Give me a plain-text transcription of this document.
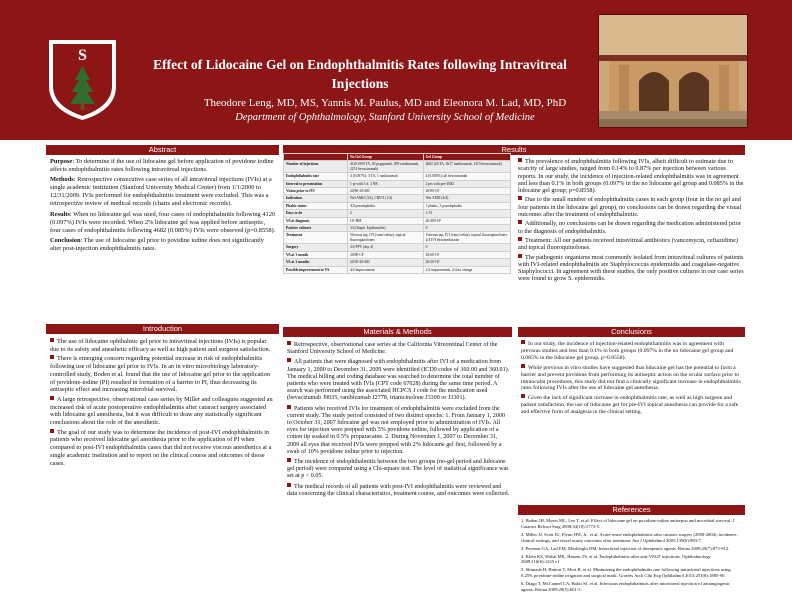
S
Effect of Lidocaine Gel on Endophthalmitis Rates following Intravitreal Injections
Theodore Leng, MD, MS, Yannis M. Paulus, MD and Eleonora M. Lad, MD, PhD
Department of Ophthalmology, Stanford University School of Medicine
Abstract

Purpose: To determine if the use of lidocaine gel before application of povidone iodine affects endophthalmitis rates following intravitreal injections.

Methods: Retrospective consecutive case series of all intravitreal injections (IVIs) at a single academic institution (Stanford University Medical Center) from 1/1/2000 to 12/31/2009. IVIs performed for endophthalmitis treatment were excluded. This was a retrospective review of medical records (charts and electronic records).

Results: When no lidocaine gel was used, four cases of endophthalmitis following 4120 (0.097%) IVIs were recorded. When 2% lidocaine gel was applied before antiseptic, four cases of endophthalmitis following 4682 (0.085%) IVIs were observed (p=0.8558).

Conclusion: The use of lidocaine gel prior to povidine iodine does not significantly alter post-injection endophthalmitis rates.

Introduction

The use of lidocaine ophthalmic gel prior to intravitreal injections (IVIs) is popular due to its safety and anesthetic efficacy as well as high patient and surgeon satisfaction.

There is emerging concern regarding potential increase in risk of endophthalmitis following use of lidocaine gel prior to IVIs. In an in vitro microbiology laboratory-controlled study, Boden et al. found that the use of lidocaine gel prior to the application of povidone-iodine (PI) resulted in formation of a barrier to PI, thus decreasing its antiseptic effect and increasing microbial survival.

A large retrospective, observational case series by Miller and colleagues suggested an increased risk of acute postoperative endophthalmitis after cataract surgery associated with lidocaine gel anesthesia, but it was difficult to draw any statistically significant conclusions about the role of the anesthetic.

The goal of our study was to determine the incidence of post-IVI endophthalmitis in patients who received lidocaine gel anesthesia prior to the application of PI when compared to post-IVI endophthalmitis cases that did not receive viscous anesthetics at a single academic institution and to report on the clinical course and outcomes of those cases.

Results
	No Gel Group	Gel Group
Number of injections	4120 (809 TA, 20 pegaptanib, 859 ranibizumab, 2251 bevacizumab)	4682 (26 TA, 3617 ranibizumab, 1415 bevacizumab)
Endophthalmitis rate	4 (0.097%): 3 TA, 1 ranibizumab	4 (0.085%): all bevacizumab
Interval to presentation	1 pt with 3 d; 3 NR	2 pts with pre-DM2
Vision prior to IVI	20/80-20/400	20/80-CF
Indication	Wet AMD (3/4), CRVO (1/4)	Wet AMD (4/4)
Phakic status	All pseudophakic	1 phakic, 3 pseudophakic
Days to dx	2	1-13
VA at diagnosis	CF-HM	20/400-CF
Positive cultures	3/4 (Staph. Epidermidis)	0
Treatment	Vitreous tap, IVI (vanc/ceftaz), topical fluoroquinolones	Vitreous tap, IVI (vanc/ceftaz), topical fluoroquinolones; 2/4 IVI dexamethasone
Surgery	3/4 PPV (day 2)	0
VA at 1 month	20/80-CF	20/60-CF
VA at 3 months	20/50-20/400	20/20-CF
Possible improvement in VA	4/4 improvement	2/4 improvement, 2/4 no change

The prevalence of endophthalmitis following IVIs, albeit difficult to estimate due to scarcity of large studies, ranged from 0.14% to 0.87% per injection between various reports. In our study, the incidence of injection-related endophthalmitis was in agreement and less than 0.1% in both groups (0.097% in the no lidocaine gel group and 0.085% in the lidocaine gel group, p=0.8558).

Due to the small number of endophthalmitis cases in each group (four in the no gel and four patients in the lidocaine gel group), no conclusions can be drawn regarding the visual outcomes after the treatment of endophthalmitis.

Additionally, no conclusions can be drawn regarding the medication administered prior to the diagnosis of endophthalmitis.

Treatment: All our patients received intravitreal antibiotics (vancomycin, ceftazidime) and topical fluoroquinolones.

The pathogenic organisms most commonly isolated from intravitreal cultures of patients with IVI-related endophthalmitis are Staphylococcus epidermidis and coagulase-negative Staphylococci. In agreement with these studies, the only positive cultures in our case series were found to grow S. epidermidis.

Materials & Methods

Retrospective, observational case series at the California Vitreoretinal Center of the Stanford University School of Medicine.

All patients that were diagnosed with endophthalmitis after IVI of a medication from January 1, 2000 to December 31, 2009 were identified (ICD9 codes of 360.00 and 360.01). The medical billing and coding database was searched to determine the total number of patients who were treated with IVIs (CPT code 67028) during the same time period. A search was performed using the associated HCPCS J code for the medication used (bevacizumab J9035, ranibizumab J2778, triamcinolone J3300 or J3301).

Patients who received IVIs for treatment of endophthalmitis were excluded from the current study. The study period consisted of two distinct epochs: 1. From January 1, 2000 to October 31, 2007 lidocaine gel was not employed prior to administration of IVIs. All eyes for injection were prepped with 5% povidone iodine, followed by application of a cotton tip soaked in 0.5% proparacaine. 2. During November 1, 2007 to December 31, 2009 all eyes that received IVIs were prepped with 2% lidocaine gel first, followed by a swab of 10% povidone iodine prior to injection.

The incidence of endophthalmitis between the two groups (no-gel period and lidocaine gel period) were compared using a Chi-square test. The level of statistical significance was set at p < 0.05.

The medical records of all patients with post-IVI endophthalmitis were reviewed and data concerning the clinical characteristics, treatment course, and outcomes were collected.

Conclusions

In our study, the incidence of injection-related endophthalmitis was in agreement with previous studies and less than 0.1% in both groups (0.097% in the no lidocaine gel group and 0.085% in the lidocaine gel group, p=0.8558).

While previous in vitro studies have suggested that lidocaine gel has the potential to form a barrier and prevent povidone from performing its antiseptic action on the ocular surface prior to intraocular procedures, this study did not find a clinically significant increase in endophthalmitis rates following IVIs after the use of lidocaine gel anesthesia.

Given the lack of significant increase in endophthalmitis rate, as well as high surgeon and patient satisfaction, the use of lidocaine gel for pre-IVI topical anesthesia can provide for a safe and effective form of analgesia in the clinical setting.

References

1. Boden JH, Myers ML, Lee T, et al. Effect of lidocaine gel on povidone-iodine antisepsis and microbial survival. J Cataract Refract Surg 2008;34(10):1773-5.

2. Miller JJ, Scott IU, Flynn HW, Jr., et al. Acute-onset endophthalmitis after cataract surgery (2000-2004): incidence, clinical settings, and visual acuity outcomes after treatment. Am J Ophthalmol 2005;139(6):983-7.

3. Peyman GA, Lad EM, Moshfeghi DM. Intravitreal injection of therapeutic agents. Retina 2009;29(7):875-912.

4. Klein KS, Walsh MK, Hassan TS, et al. Endophthalmitis after anti-VEGF injections. Ophthalmology 2009;116(6):1225 e1.

5. Shimada H, Hattori T, Mori R, et al. Minimizing the endophthalmitis rate following intravitreal injections using 0.25% povidone-iodine irrigation and surgical mask. Graefes Arch Clin Exp Ophthalmol 2013;251(8):1885-90.

6. Diago T, McCannel CA, Bakri SJ, et al. Infectious endophthalmitis after intravitreal injection of antiangiogenic agents. Retina 2009;29(5):601-5.
